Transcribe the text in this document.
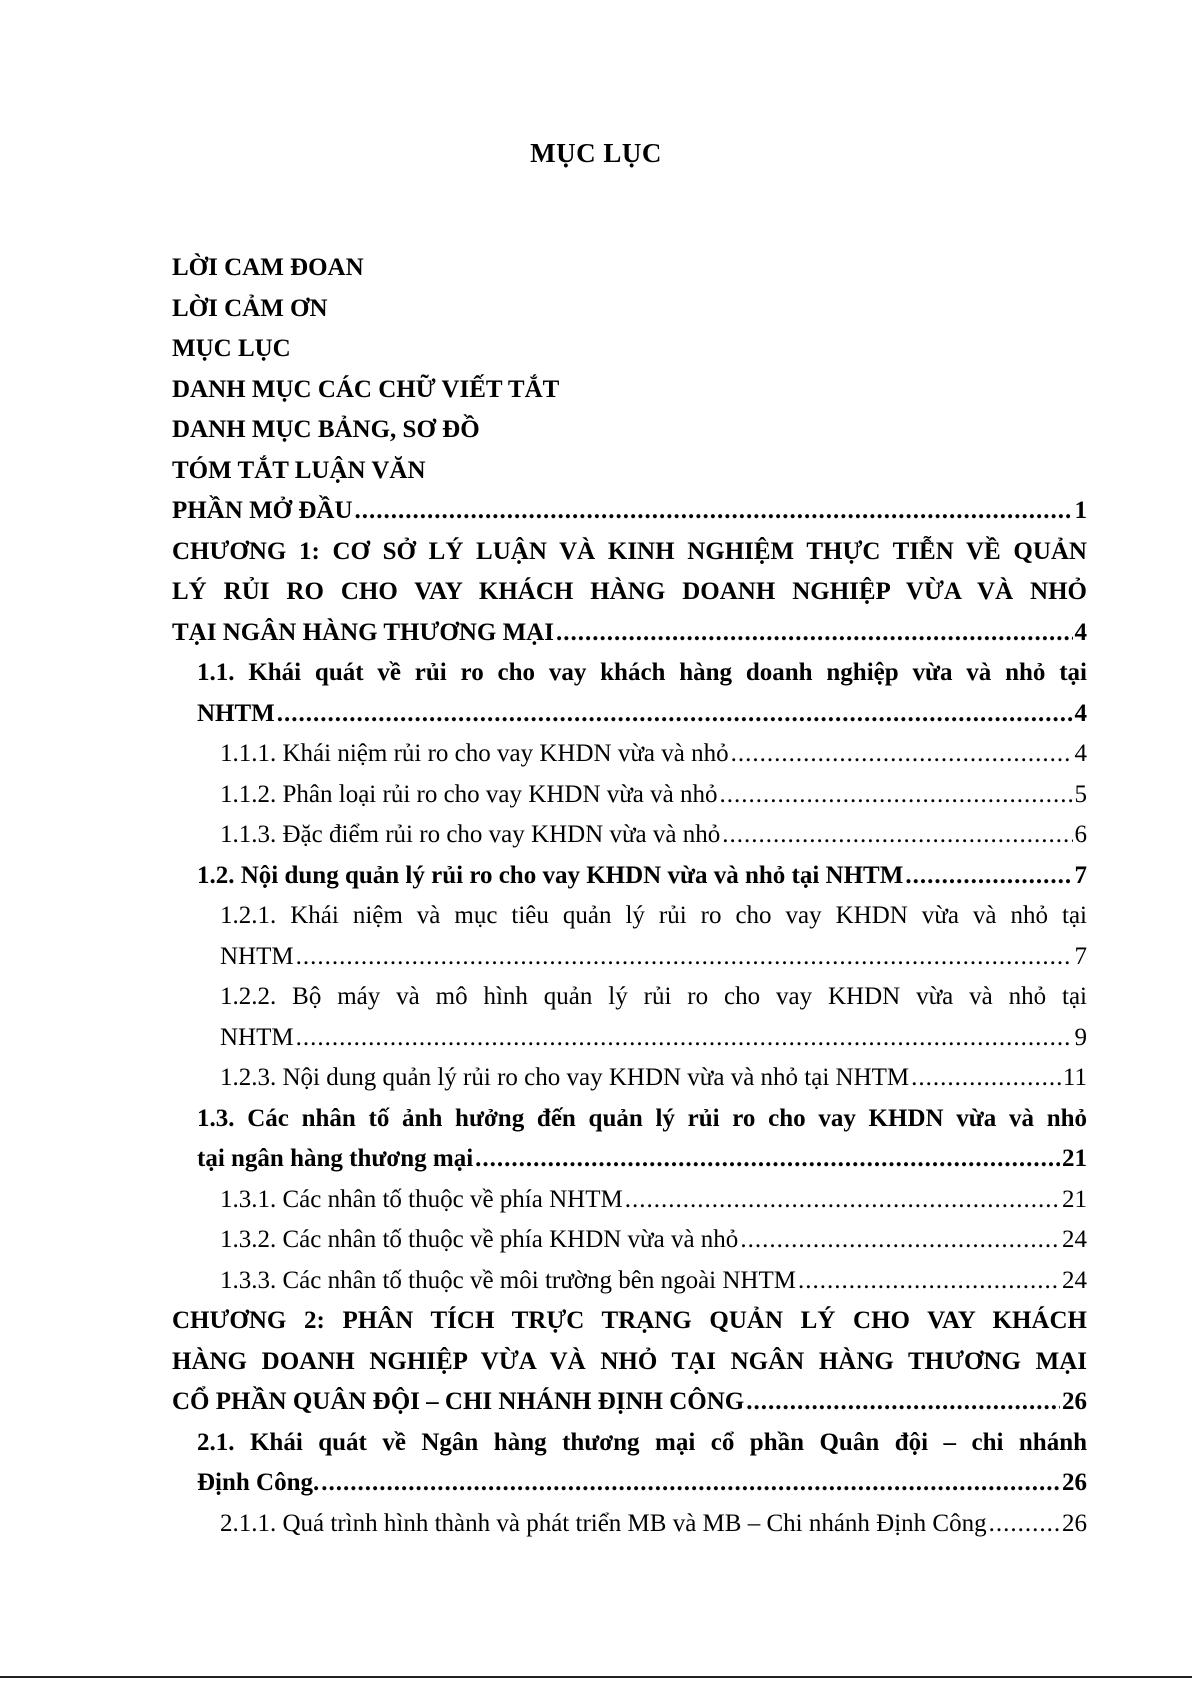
MỤC LỤC
LỜI CAM ĐOAN
LỜI CẢM ƠN
MỤC LỤC
DANH MỤC CÁC CHỮ VIẾT TẮT
DANH MỤC BẢNG, SƠ ĐỒ
TÓM TẮT LUẬN VĂN
PHẦN MỞ ĐẦU .....	1
CHƯƠNG 1: CƠ SỞ LÝ LUẬN VÀ KINH NGHIỆM THỰC TIỄN VỀ QUẢN
LÝ RỦI RO CHO VAY KHÁCH HÀNG DOANH NGHIỆP VỪA VÀ NHỎ
TẠI NGÂN HÀNG THƯƠNG MẠI .....	4
1.1. Khái quát về rủi ro cho vay khách hàng doanh nghiệp vừa và nhỏ tại
NHTM .....	4
1.1.1. Khái niệm rủi ro cho vay KHDN vừa và nhỏ .....	4
1.1.2. Phân loại rủi ro cho vay KHDN vừa và nhỏ .....	5
1.1.3. Đặc điểm rủi ro cho vay KHDN vừa và nhỏ .....	6
1.2. Nội dung quản lý rủi ro cho vay KHDN vừa và nhỏ tại NHTM .....	7
1.2.1. Khái niệm và mục tiêu quản lý rủi ro cho vay KHDN vừa và nhỏ tại
NHTM .....	7
1.2.2. Bộ máy và mô hình quản lý rủi ro cho vay KHDN vừa và nhỏ tại
NHTM .....	9
1.2.3. Nội dung quản lý rủi ro cho vay KHDN vừa và nhỏ tại NHTM .....	11
1.3. Các nhân tố ảnh hưởng đến quản lý rủi ro cho vay KHDN vừa và nhỏ
tại ngân hàng thương mại .....	21
1.3.1. Các nhân tố thuộc về phía NHTM .....	21
1.3.2. Các nhân tố thuộc về phía KHDN vừa và nhỏ .....	24
1.3.3. Các nhân tố thuộc về môi trường bên ngoài NHTM .....	24
CHƯƠNG 2: PHÂN TÍCH TRỰC TRẠNG QUẢN LÝ CHO VAY KHÁCH
HÀNG DOANH NGHIỆP VỪA VÀ NHỎ TẠI NGÂN HÀNG THƯƠNG MẠI
CỔ PHẦN QUÂN ĐỘI – CHI NHÁNH ĐỊNH CÔNG .....	26
2.1. Khái quát về Ngân hàng thương mại cổ phần Quân đội – chi nhánh
Định Công. .....	26
2.1.1. Quá trình hình thành và phát triển MB và MB – Chi nhánh Định Công .....	26
